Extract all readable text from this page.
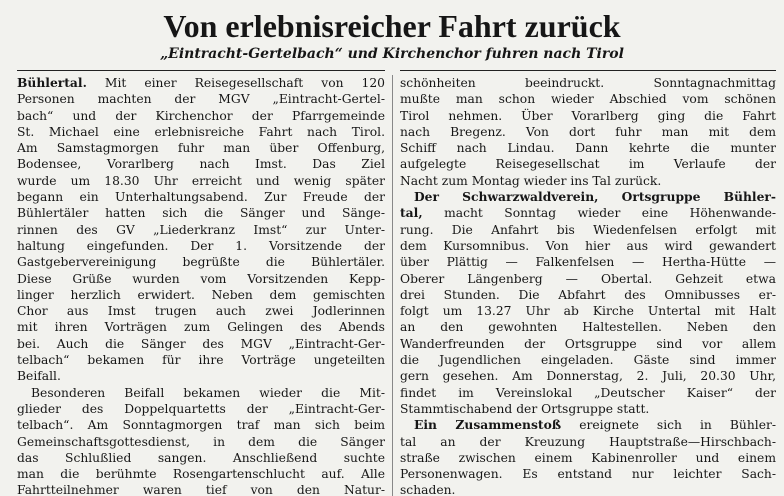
Von erlebnisreicher Fahrt zurück
„Eintracht-Gertelbach“ und Kirchenchor fuhren nach Tirol
Bühlertal. Mit einer Reisegesellschaft von 120
Personen machten der MGV „Eintracht-Gertel-
bach“ und der Kirchenchor der Pfarrgemeinde
St. Michael eine erlebnisreiche Fahrt nach Tirol.
Am Samstagmorgen fuhr man über Offenburg,
Bodensee, Vorarlberg nach Imst. Das Ziel
wurde um 18.30 Uhr erreicht und wenig später
begann ein Unterhaltungsabend. Zur Freude der
Bühlertäler hatten sich die Sänger und Sänge-
rinnen des GV „Liederkranz Imst“ zur Unter-
haltung eingefunden. Der 1. Vorsitzende der
Gastgebervereinigung begrüßte die Bühlertäler.
Diese Grüße wurden vom Vorsitzenden Kepp-
linger herzlich erwidert. Neben dem gemischten
Chor aus Imst trugen auch zwei Jodlerinnen
mit ihren Vorträgen zum Gelingen des Abends
bei. Auch die Sänger des MGV „Eintracht-Ger-
telbach“ bekamen für ihre Vorträge ungeteilten
Beifall.
Besonderen Beifall bekamen wieder die Mit-
glieder des Doppelquartetts der „Eintracht-Ger-
telbach“. Am Sonntagmorgen traf man sich beim
Gemeinschaftsgottesdienst, in dem die Sänger
das Schlußlied sangen. Anschließend suchte
man die berühmte Rosengartenschlucht auf. Alle
Fahrtteilnehmer waren tief von den Natur-
schönheiten beeindruckt. Sonntagnachmittag
mußte man schon wieder Abschied vom schönen
Tirol nehmen. Über Vorarlberg ging die Fahrt
nach Bregenz. Von dort fuhr man mit dem
Schiff nach Lindau. Dann kehrte die munter
aufgelegte Reisegesellschat im Verlaufe der
Nacht zum Montag wieder ins Tal zurück.
Der Schwarzwaldverein, Ortsgruppe Bühler-
tal, macht Sonntag wieder eine Höhenwande-
rung. Die Anfahrt bis Wiedenfelsen erfolgt mit
dem Kursomnibus. Von hier aus wird gewandert
über Plättig — Falkenfelsen — Hertha-Hütte —
Oberer Längenberg — Obertal. Gehzeit etwa
drei Stunden. Die Abfahrt des Omnibusses er-
folgt um 13.27 Uhr ab Kirche Untertal mit Halt
an den gewohnten Haltestellen. Neben den
Wanderfreunden der Ortsgruppe sind vor allem
die Jugendlichen eingeladen. Gäste sind immer
gern gesehen. Am Donnerstag, 2. Juli, 20.30 Uhr,
findet im Vereinslokal „Deutscher Kaiser“ der
Stammtischabend der Ortsgruppe statt.
Ein Zusammenstoß ereignete sich in Bühler-
tal an der Kreuzung Hauptstraße—Hirschbach-
straße zwischen einem Kabinenroller und einem
Personenwagen. Es entstand nur leichter Sach-
schaden.
